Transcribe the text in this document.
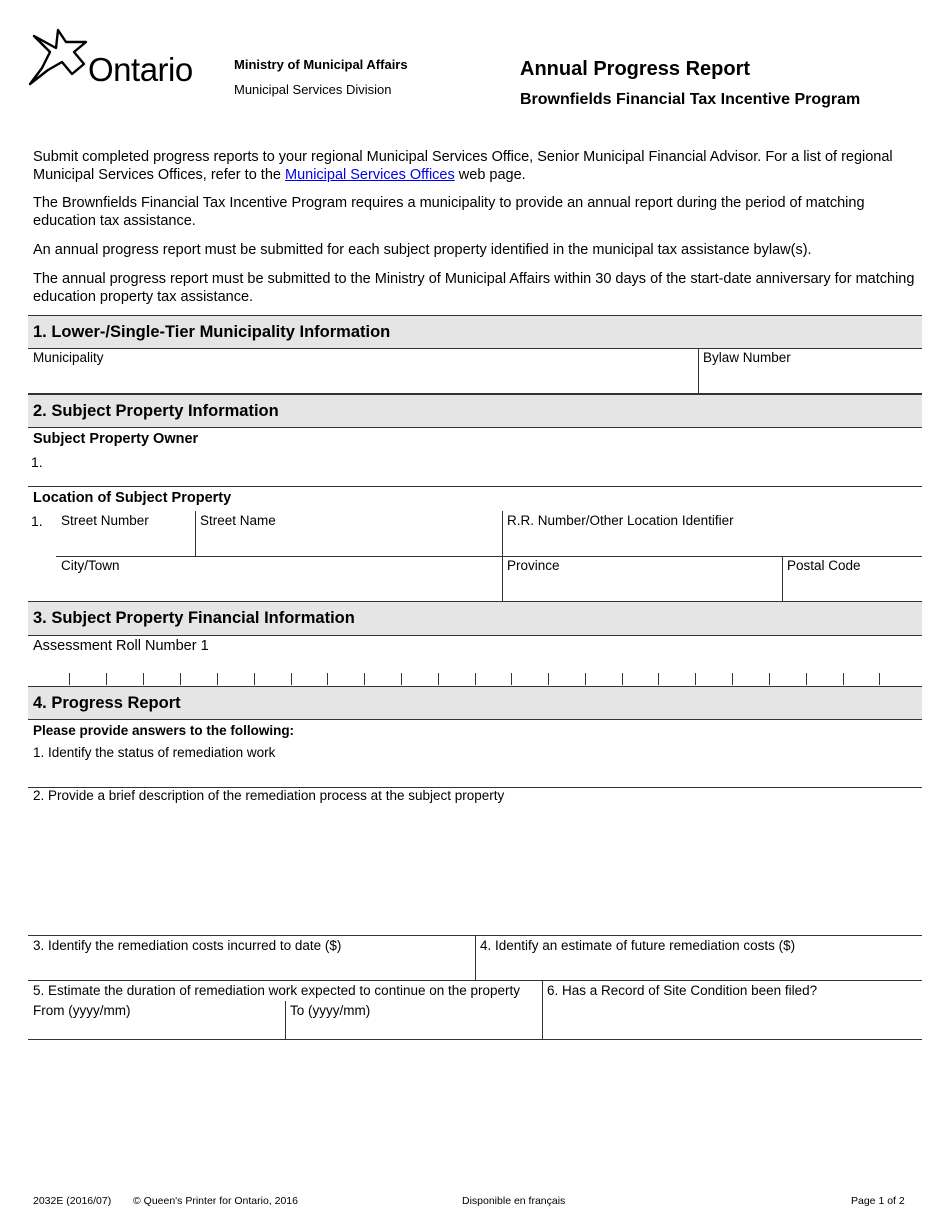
Ontario	Ministry of Municipal Affairs
Municipal Services Division
Annual Progress Report
Brownfields Financial Tax Incentive Program
Submit completed progress reports to your regional Municipal Services Office, Senior Municipal Financial Advisor. For a list of regional Municipal Services Offices, refer to the Municipal Services Offices web page.
The Brownfields Financial Tax Incentive Program requires a municipality to provide an annual report during the period of matching education tax assistance.
An annual progress report must be submitted for each subject property identified in the municipal tax assistance bylaw(s).
The annual progress report must be submitted to the Ministry of Municipal Affairs within 30 days of the start-date anniversary for matching education property tax assistance.
1. Lower-/Single-Tier Municipality Information
Municipality	Bylaw Number
2. Subject Property Information
Subject Property Owner
1.
Location of Subject Property
1. Street Number	Street Name	R.R. Number/Other Location Identifier
City/Town	Province	Postal Code
3. Subject Property Financial Information
Assessment Roll Number 1
4. Progress Report
Please provide answers to the following:
1. Identify the status of remediation work
2. Provide a brief description of the remediation process at the subject property
3. Identify the remediation costs incurred to date ($)	4. Identify an estimate of future remediation costs ($)
5. Estimate the duration of remediation work expected to continue on the property
From (yyyy/mm)	To (yyyy/mm)
6. Has a Record of Site Condition been filed?
2032E (2016/07) © Queen's Printer for Ontario, 2016	Disponible en français	Page 1 of 2
